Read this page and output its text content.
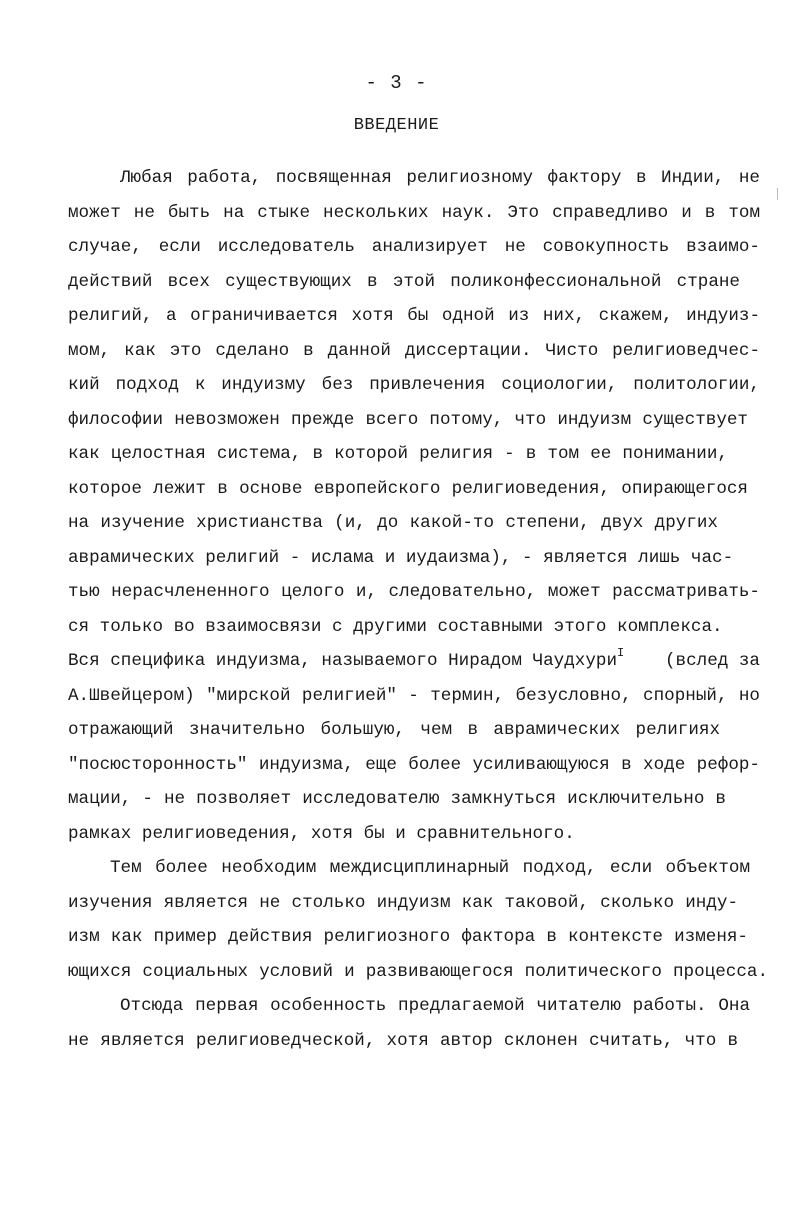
- 3 -
ВВЕДЕНИЕ
Любая работа, посвященная религиозному фактору в Индии, не
может не быть на стыке нескольких наук. Это справедливо и в том
случае, если исследователь анализирует не совокупность взаимо-
действий всех существующих в этой поликонфессиональной стране
религий, а ограничивается хотя бы одной из них, скажем, индуиз-
мом, как это сделано в данной диссертации. Чисто религиоведчес-
кий подход к индуизму без привлечения социологии, политологии,
философии невозможен прежде всего потому, что индуизм существует
как целостная система, в которой религия - в том ее понимании,
которое лежит в основе европейского религиоведения, опирающегося
на изучение христианства (и, до какой-то степени, двух других
аврамических религий - ислама и иудаизма), - является лишь час-
тью нерасчлененного целого и, следовательно, может рассматривать-
ся только во взаимосвязи с другими составными этого комплекса.
Вся специфика индуизма, называемого Нирадом Чаудхури$^I$	(вслед за
А.Швейцером) "мирской религией" - термин, безусловно, спорный, но
отражающий значительно большую, чем в аврамических религиях
"посюсторонность" индуизма, еще более усиливающуюся в ходе рефор-
мации, - не позволяет исследователю замкнуться исключительно в
рамках религиоведения, хотя бы и сравнительного.
Тем более необходим междисциплинарный подход, если объектом
изучения является не столько индуизм как таковой, сколько инду-
изм как пример действия религиозного фактора в контексте изменя-
ющихся социальных условий и развивающегося политического процесса.
Отсюда первая особенность предлагаемой читателю работы. Она
не является религиоведческой, хотя автор склонен считать, что в
